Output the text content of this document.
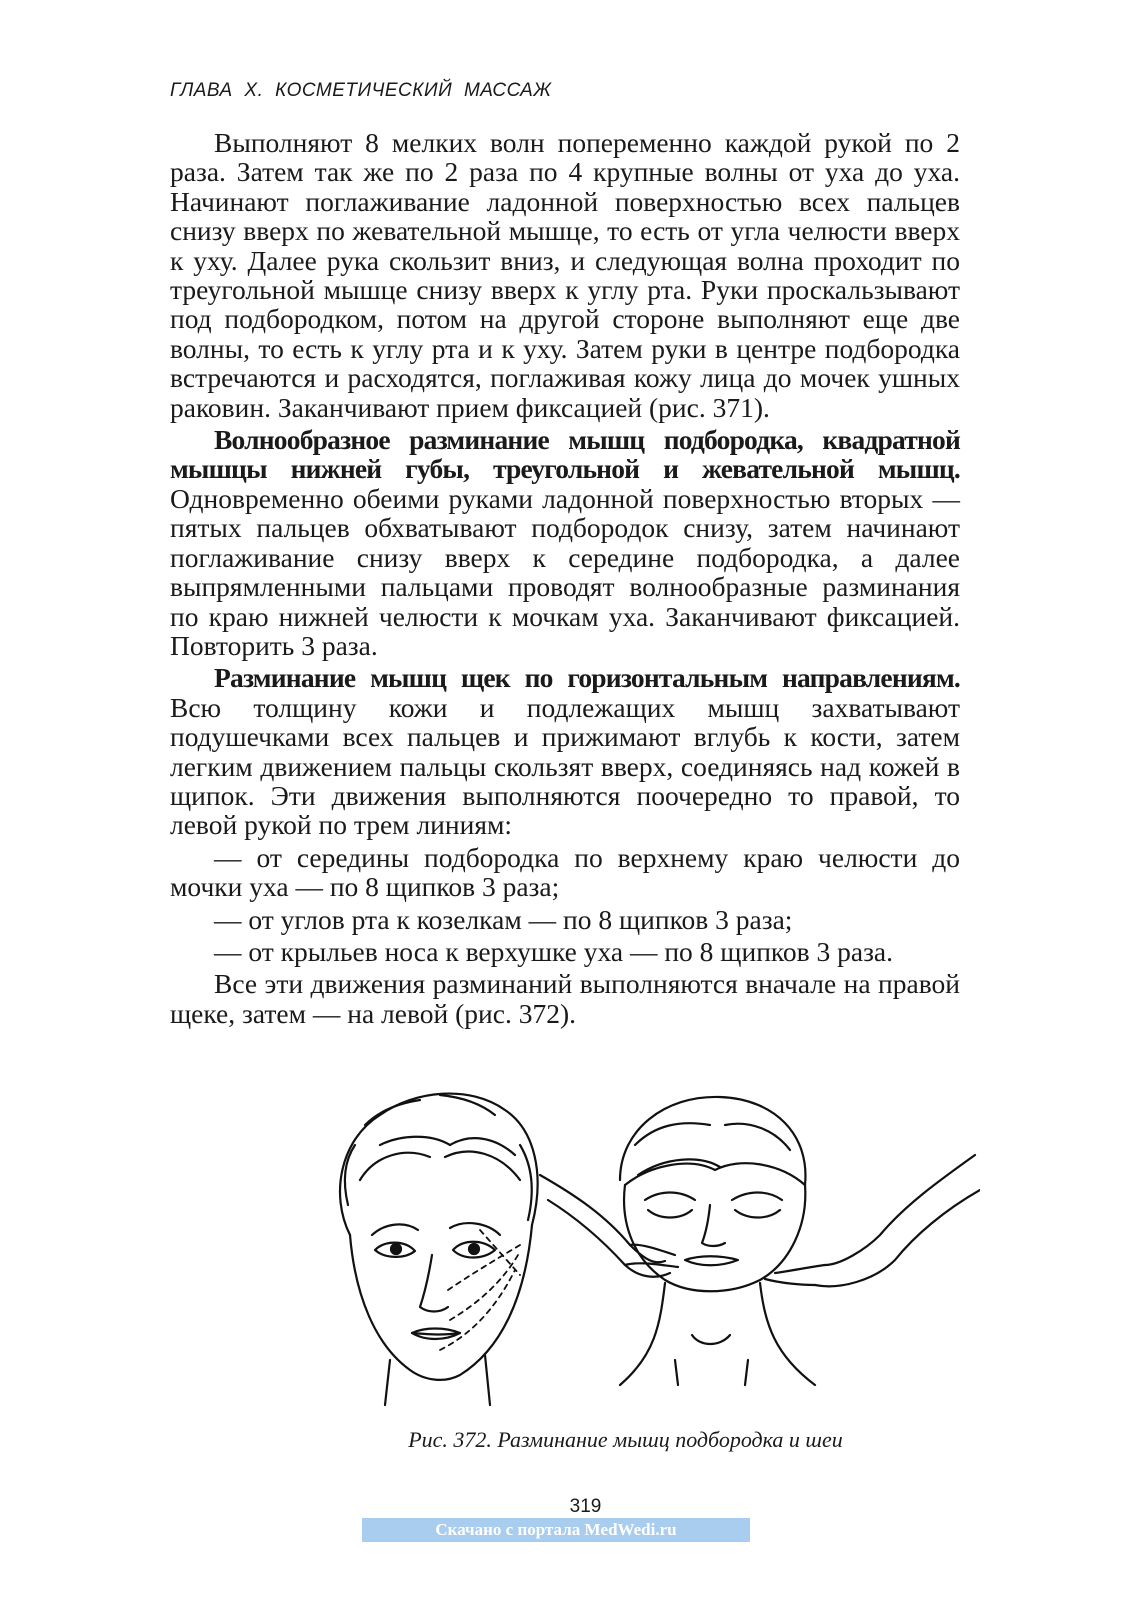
ГЛАВА X. КОСМЕТИЧЕСКИЙ МАССАЖ

Выполняют 8 мелких волн попеременно каждой рукой по 2 раза. Затем так же по 2 раза по 4 крупные волны от уха до уха. Начинают поглаживание ладонной поверхностью всех пальцев снизу вверх по жевательной мышце, то есть от угла челюсти вверх к уху. Далее рука скользит вниз, и следующая волна проходит по треугольной мышце снизу вверх к углу рта. Руки проскальзывают под подбородком, потом на другой стороне выполняют еще две волны, то есть к углу рта и к уху. Затем руки в центре подбородка встречаются и расходятся, поглаживая кожу лица до мочек ушных раковин. Заканчивают прием фиксацией (рис. 371).

Волнообразное разминание мышц подбородка, квадратной мышцы нижней губы, треугольной и жевательной мышц. Одновременно обеими руками ладонной поверхностью вторых — пятых пальцев обхватывают подбородок снизу, затем начинают поглаживание снизу вверх к середине подбородка, а далее выпрямленными пальцами проводят волнообразные разминания по краю нижней челюсти к мочкам уха. Заканчивают фиксацией. Повторить 3 раза.

Разминание мышц щек по горизонтальным направлениям. Всю толщину кожи и подлежащих мышц захватывают подушечками всех пальцев и прижимают вглубь к кости, затем легким движением пальцы скользят вверх, соединяясь над кожей в щипок. Эти движения выполняются поочередно то правой, то левой рукой по трем линиям:

— от середины подбородка по верхнему краю челюсти до мочки уха — по 8 щипков 3 раза;

— от углов рта к козелкам — по 8 щипков 3 раза;

— от крыльев носа к верхушке уха — по 8 щипков 3 раза.

Все эти движения разминаний выполняются вначале на правой щеке, затем — на левой (рис. 372).

Рис. 372. Разминание мышц подбородка и шеи
319
Скачано с портала MedWedi.ru
